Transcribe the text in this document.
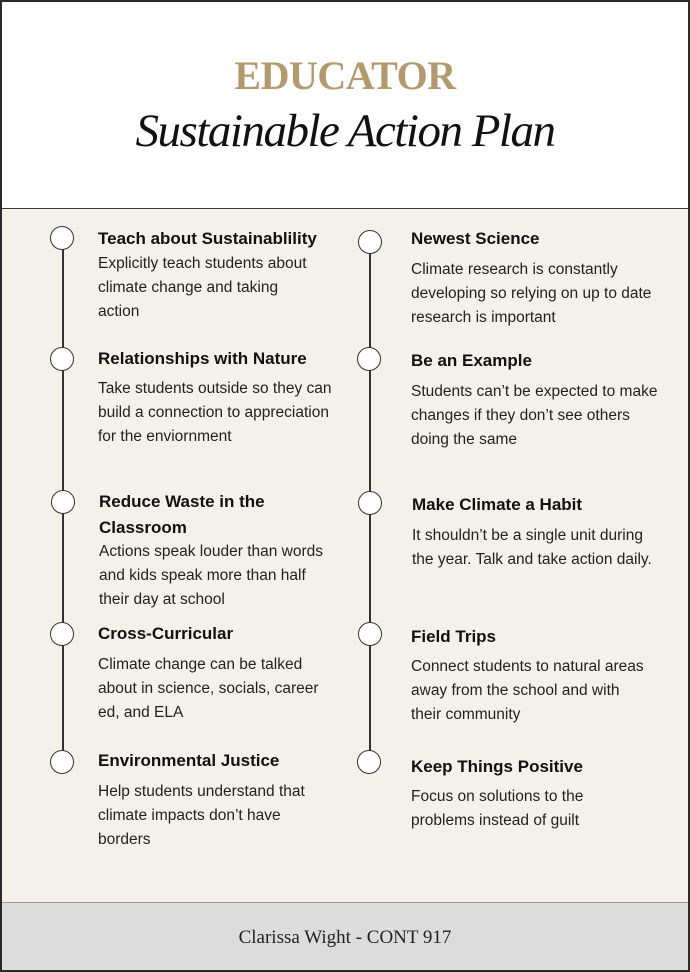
EDUCATOR
Sustainable Action Plan
Teach about Sustainablility
Explicitly teach students about climate change and taking action
Relationships with Nature
Take students outside so they can build a connection to appreciation for the enviornment
Reduce Waste in the Classroom
Actions speak louder than words and kids speak more than half their day at school
Cross-Curricular
Climate change can be talked about in science, socials, career ed, and ELA
Environmental Justice
Help students understand that climate impacts don’t have borders
Newest Science
Climate research is constantly developing so relying on up to date research is important
Be an Example
Students can’t be expected to make changes if they don’t see others doing the same
Make Climate a Habit
It shouldn’t be a single unit during the year. Talk and take action daily.
Field Trips
Connect students to natural areas away from the school and with their community
Keep Things Positive
Focus on solutions to the problems instead of guilt
Clarissa Wight - CONT 917
